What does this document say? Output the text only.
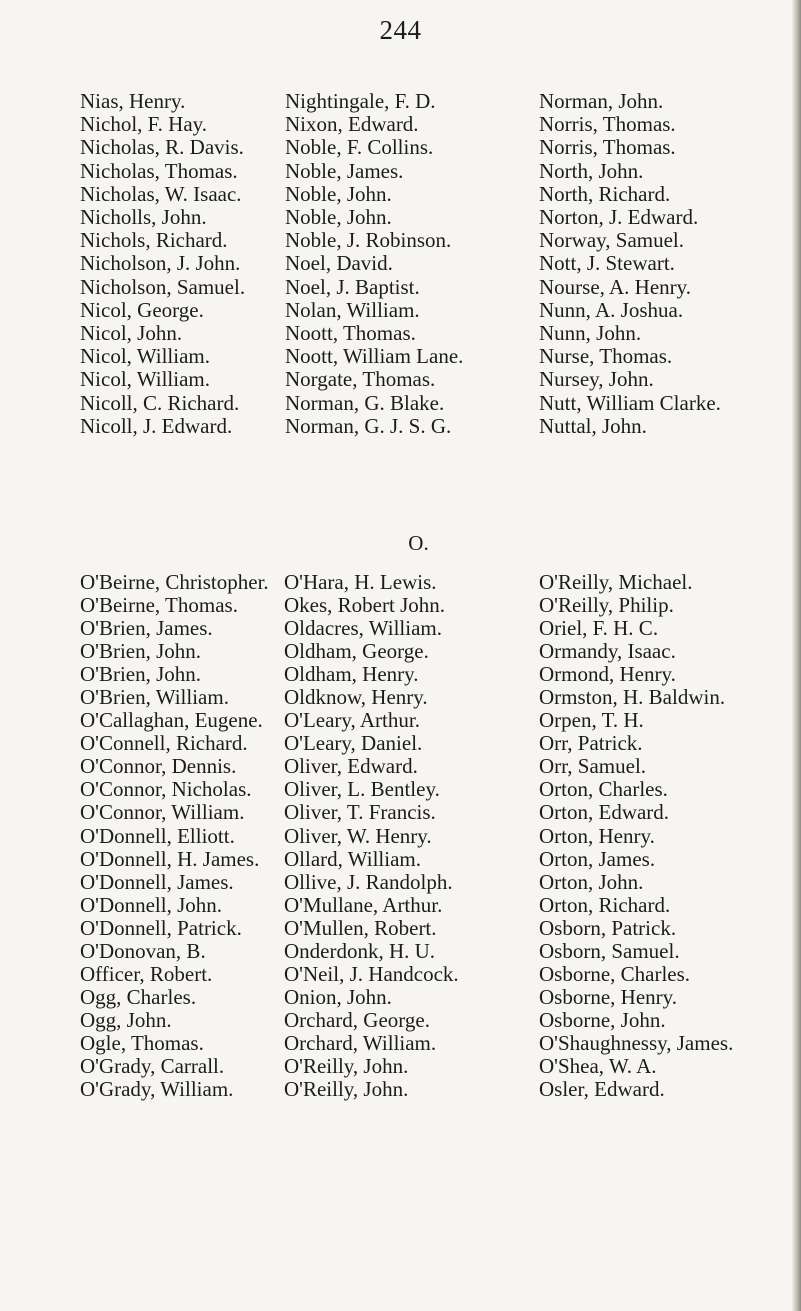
244
Nias, Henry.
Nichol, F. Hay.
Nicholas, R. Davis.
Nicholas, Thomas.
Nicholas, W. Isaac.
Nicholls, John.
Nichols, Richard.
Nicholson, J. John.
Nicholson, Samuel.
Nicol, George.
Nicol, John.
Nicol, William.
Nicol, William.
Nicoll, C. Richard.
Nicoll, J. Edward.
Nightingale, F. D.
Nixon, Edward.
Noble, F. Collins.
Noble, James.
Noble, John.
Noble, John.
Noble, J. Robinson.
Noel, David.
Noel, J. Baptist.
Nolan, William.
Noott, Thomas.
Noott, William Lane.
Norgate, Thomas.
Norman, G. Blake.
Norman, G. J. S. G.
Norman, John.
Norris, Thomas.
Norris, Thomas.
North, John.
North, Richard.
Norton, J. Edward.
Norway, Samuel.
Nott, J. Stewart.
Nourse, A. Henry.
Nunn, A. Joshua.
Nunn, John.
Nurse, Thomas.
Nursey, John.
Nutt, William Clarke.
Nuttal, John.
O.
O'Beirne, Christopher.
O'Beirne, Thomas.
O'Brien, James.
O'Brien, John.
O'Brien, John.
O'Brien, William.
O'Callaghan, Eugene.
O'Connell, Richard.
O'Connor, Dennis.
O'Connor, Nicholas.
O'Connor, William.
O'Donnell, Elliott.
O'Donnell, H. James.
O'Donnell, James.
O'Donnell, John.
O'Donnell, Patrick.
O'Donovan, B.
Officer, Robert.
Ogg, Charles.
Ogg, John.
Ogle, Thomas.
O'Grady, Carrall.
O'Grady, William.
O'Hara, H. Lewis.
Okes, Robert John.
Oldacres, William.
Oldham, George.
Oldham, Henry.
Oldknow, Henry.
O'Leary, Arthur.
O'Leary, Daniel.
Oliver, Edward.
Oliver, L. Bentley.
Oliver, T. Francis.
Oliver, W. Henry.
Ollard, William.
Ollive, J. Randolph.
O'Mullane, Arthur.
O'Mullen, Robert.
Onderdonk, H. U.
O'Neil, J. Handcock.
Onion, John.
Orchard, George.
Orchard, William.
O'Reilly, John.
O'Reilly, John.
O'Reilly, Michael.
O'Reilly, Philip.
Oriel, F. H. C.
Ormandy, Isaac.
Ormond, Henry.
Ormston, H. Baldwin.
Orpen, T. H.
Orr, Patrick.
Orr, Samuel.
Orton, Charles.
Orton, Edward.
Orton, Henry.
Orton, James.
Orton, John.
Orton, Richard.
Osborn, Patrick.
Osborn, Samuel.
Osborne, Charles.
Osborne, Henry.
Osborne, John.
O'Shaughnessy, James.
O'Shea, W. A.
Osler, Edward.
